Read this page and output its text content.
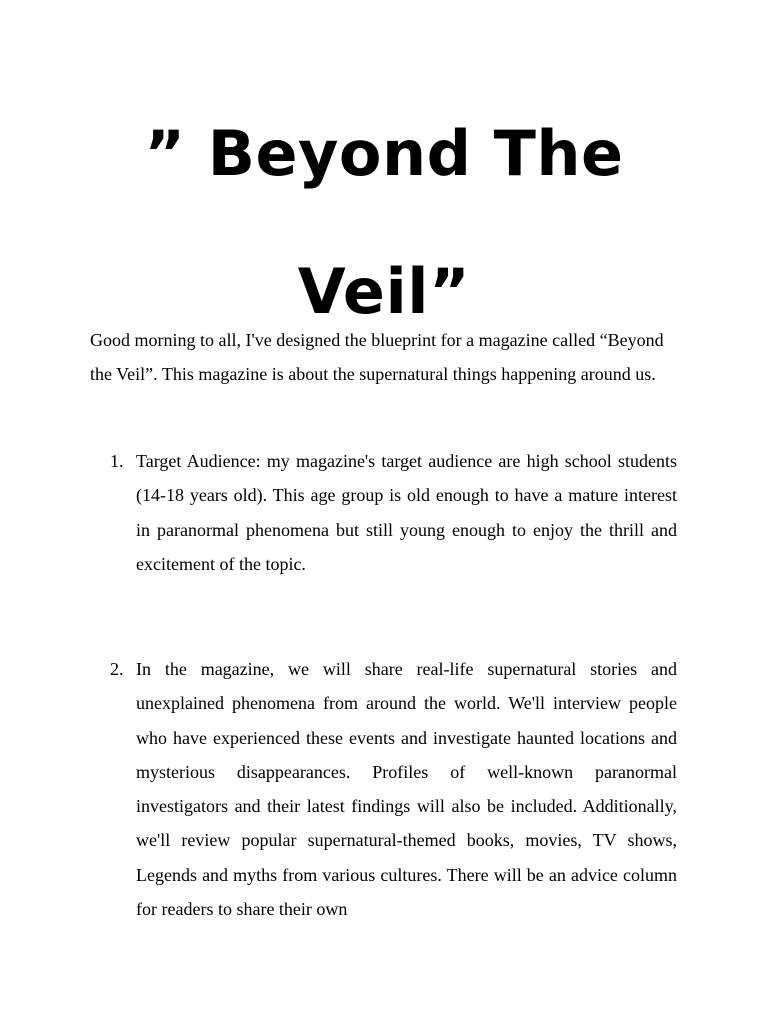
” Beyond The
Veil”

Good morning to all, I've designed the blueprint for a magazine called “Beyond the Veil”. This magazine is about the supernatural things happening around us.

1. Target Audience: my magazine's target audience are high school students (14-18 years old). This age group is old enough to have a mature interest in paranormal phenomena but still young enough to enjoy the thrill and excitement of the topic.
2. In the magazine, we will share real-life supernatural stories and unexplained phenomena from around the world. We'll interview people who have experienced these events and investigate haunted locations and mysterious disappearances. Profiles of well-known paranormal investigators and their latest findings will also be included. Additionally, we'll review popular supernatural-themed books, movies, TV shows, Legends and myths from various cultures. There will be an advice column for readers to share their own
